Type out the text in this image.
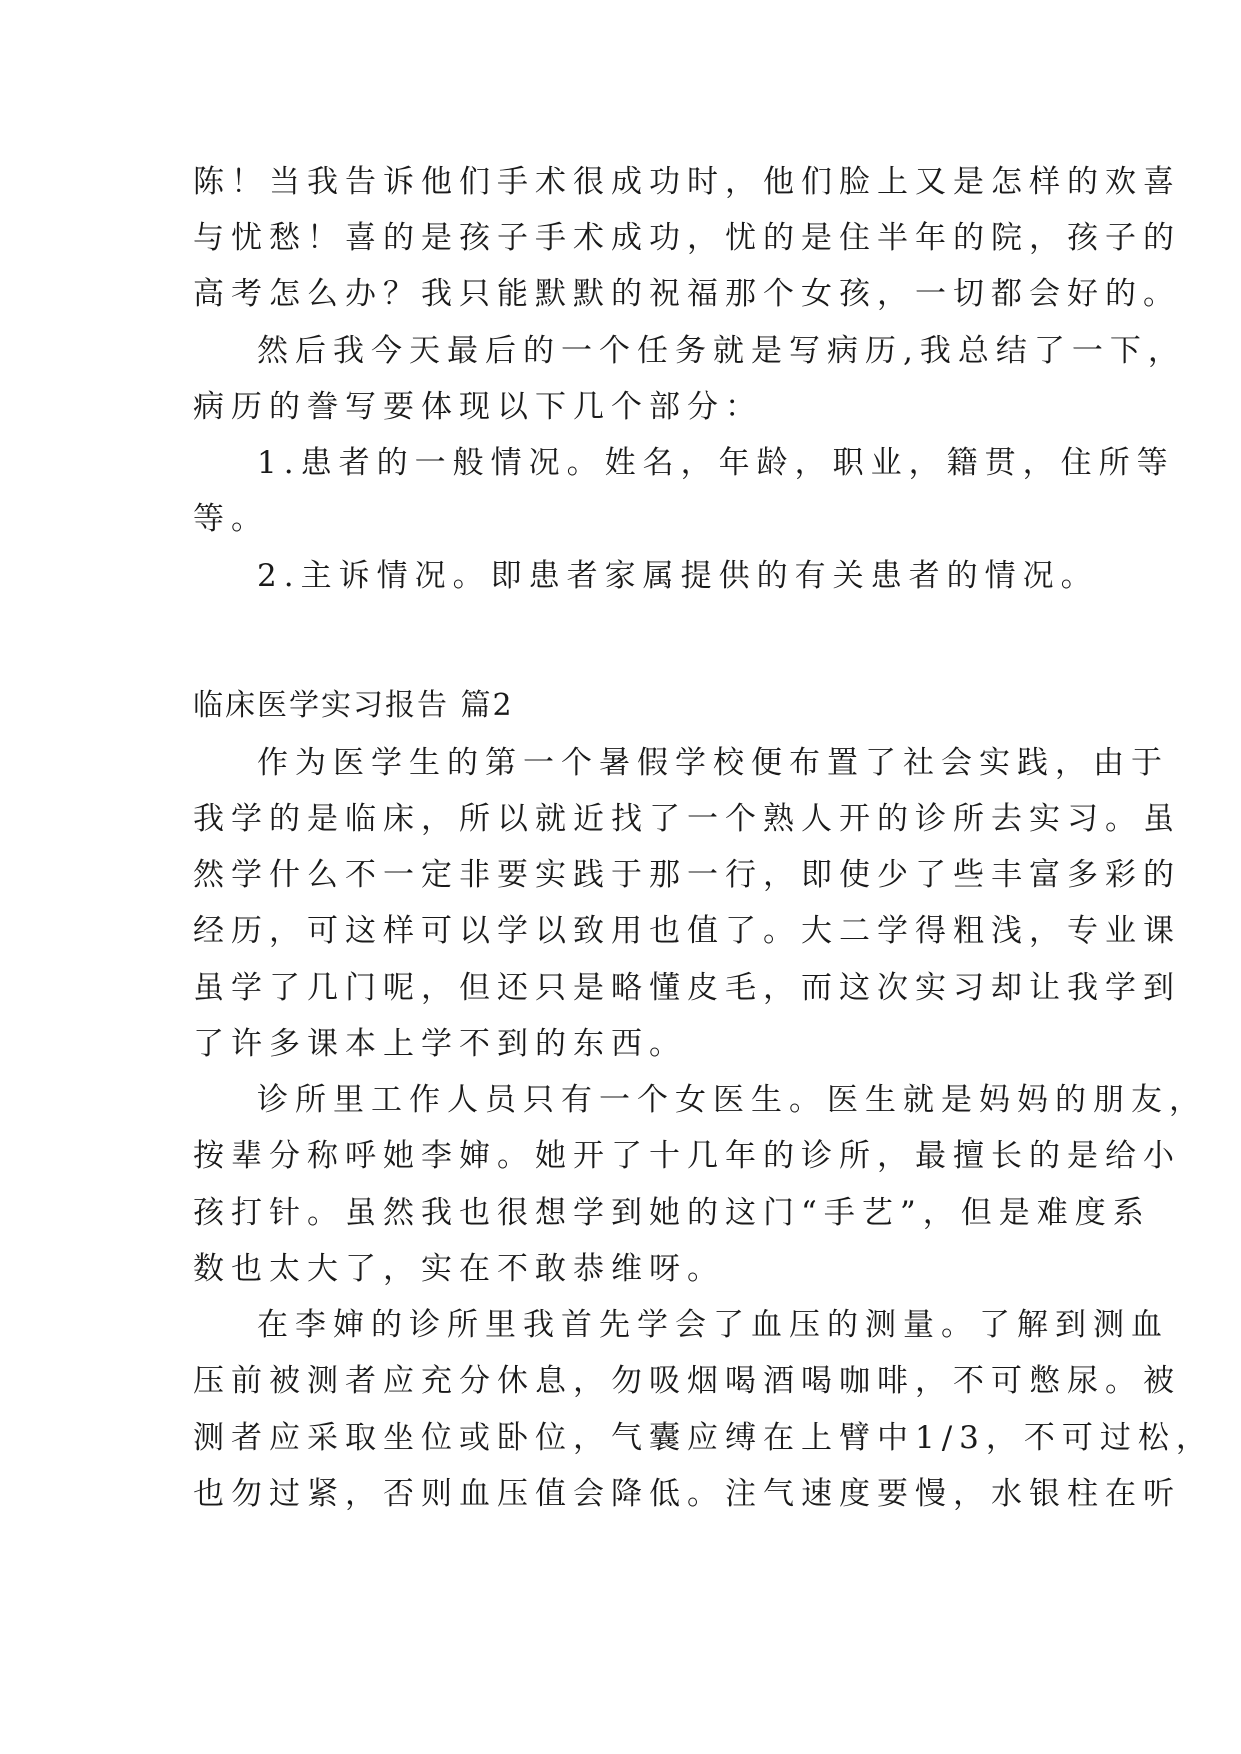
陈！当我告诉他们手术很成功时，他们脸上又是怎样的欢喜
与忧愁！喜的是孩子手术成功，忧的是住半年的院，孩子的
高考怎么办？我只能默默的祝福那个女孩，一切都会好的。
然后我今天最后的一个任务就是写病历,我总结了一下，
病历的誊写要体现以下几个部分：
1.患者的一般情况。姓名，年龄，职业，籍贯，住所等
等。
2.主诉情况。即患者家属提供的有关患者的情况。
临床医学实习报告 篇2
作为医学生的第一个暑假学校便布置了社会实践，由于
我学的是临床，所以就近找了一个熟人开的诊所去实习。虽
然学什么不一定非要实践于那一行，即使少了些丰富多彩的
经历，可这样可以学以致用也值了。大二学得粗浅，专业课
虽学了几门呢，但还只是略懂皮毛，而这次实习却让我学到
了许多课本上学不到的东西。
诊所里工作人员只有一个女医生。医生就是妈妈的朋友，
按辈分称呼她李婶。她开了十几年的诊所，最擅长的是给小
孩打针。虽然我也很想学到她的这门“手艺”，但是难度系
数也太大了，实在不敢恭维呀。
在李婶的诊所里我首先学会了血压的测量。了解到测血
压前被测者应充分休息，勿吸烟喝酒喝咖啡，不可憋尿。被
测者应采取坐位或卧位，气囊应缚在上臂中1/3，不可过松，
也勿过紧，否则血压值会降低。注气速度要慢，水银柱在听
